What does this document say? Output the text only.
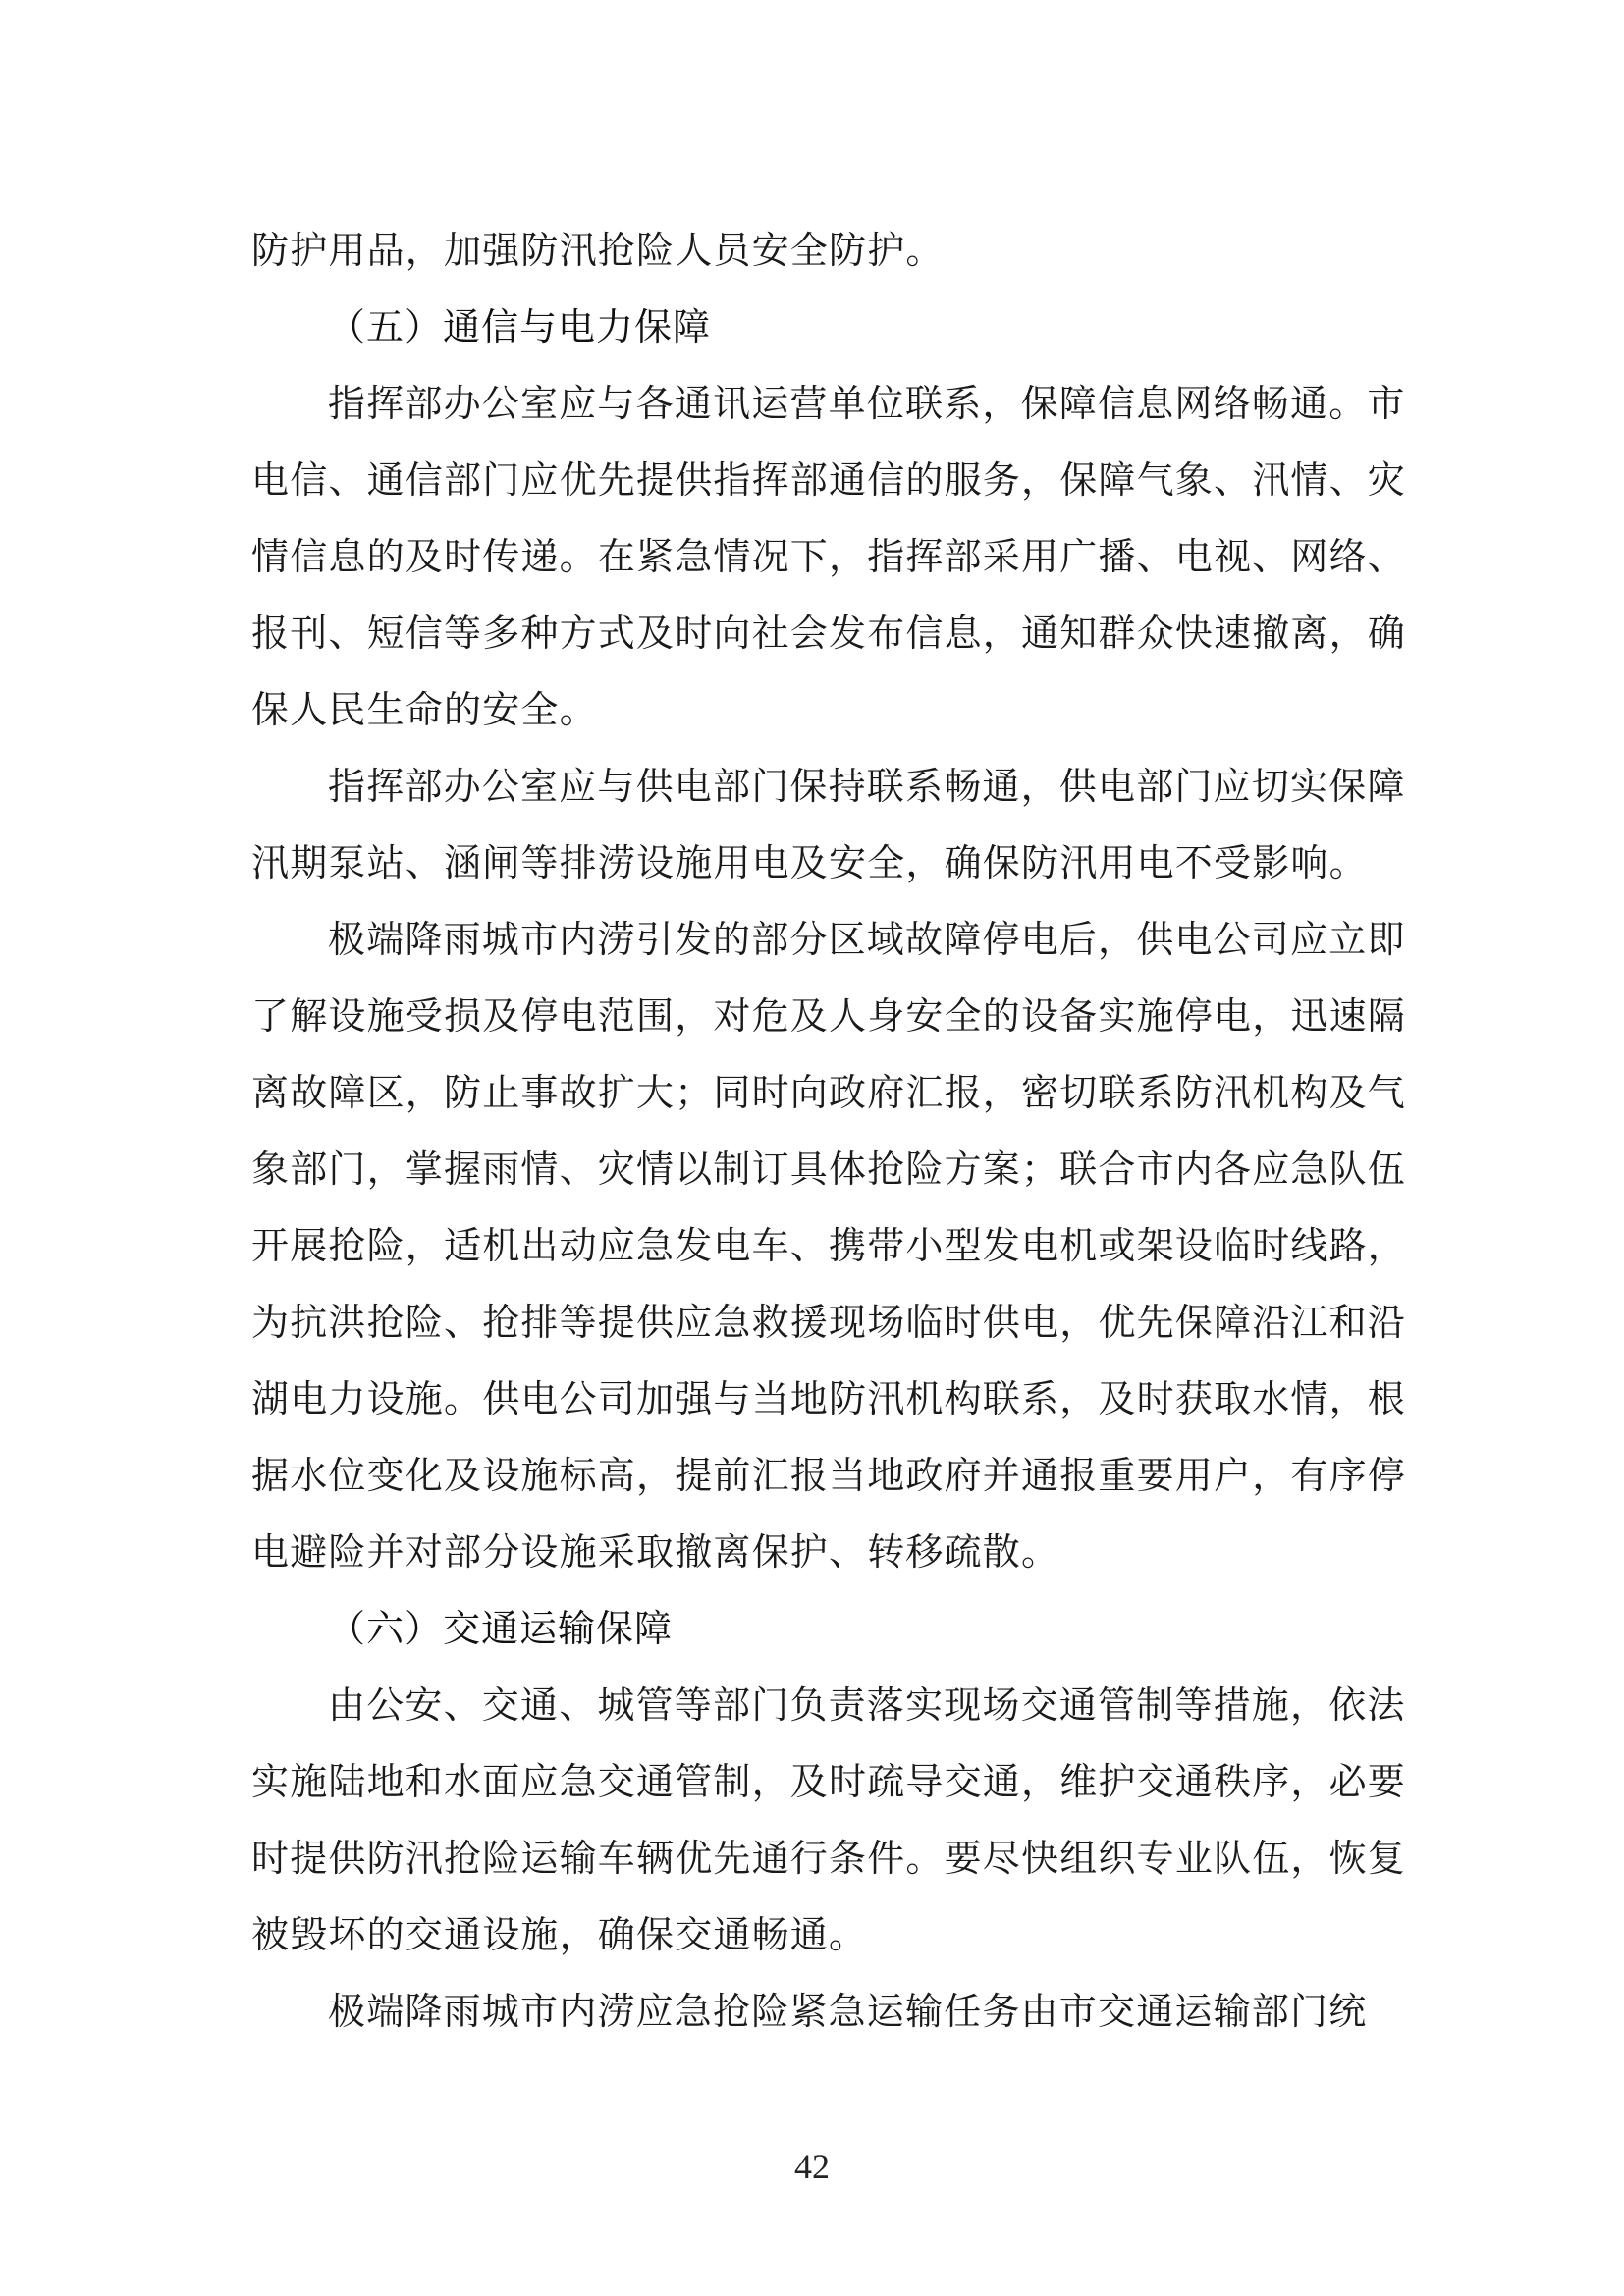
防护用品，加强防汛抢险人员安全防护。
（五）通信与电力保障
指挥部办公室应与各通讯运营单位联系，保障信息网络畅通。市
电信、通信部门应优先提供指挥部通信的服务，保障气象、汛情、灾
情信息的及时传递。在紧急情况下，指挥部采用广播、电视、网络、
报刊、短信等多种方式及时向社会发布信息，通知群众快速撤离，确
保人民生命的安全。
指挥部办公室应与供电部门保持联系畅通，供电部门应切实保障
汛期泵站、涵闸等排涝设施用电及安全，确保防汛用电不受影响。
极端降雨城市内涝引发的部分区域故障停电后，供电公司应立即
了解设施受损及停电范围，对危及人身安全的设备实施停电，迅速隔
离故障区，防止事故扩大；同时向政府汇报，密切联系防汛机构及气
象部门，掌握雨情、灾情以制订具体抢险方案；联合市内各应急队伍
开展抢险，适机出动应急发电车、携带小型发电机或架设临时线路，
为抗洪抢险、抢排等提供应急救援现场临时供电，优先保障沿江和沿
湖电力设施。供电公司加强与当地防汛机构联系，及时获取水情，根
据水位变化及设施标高，提前汇报当地政府并通报重要用户，有序停
电避险并对部分设施采取撤离保护、转移疏散。
（六）交通运输保障
由公安、交通、城管等部门负责落实现场交通管制等措施，依法
实施陆地和水面应急交通管制，及时疏导交通，维护交通秩序，必要
时提供防汛抢险运输车辆优先通行条件。要尽快组织专业队伍，恢复
被毁坏的交通设施，确保交通畅通。
极端降雨城市内涝应急抢险紧急运输任务由市交通运输部门统
42
